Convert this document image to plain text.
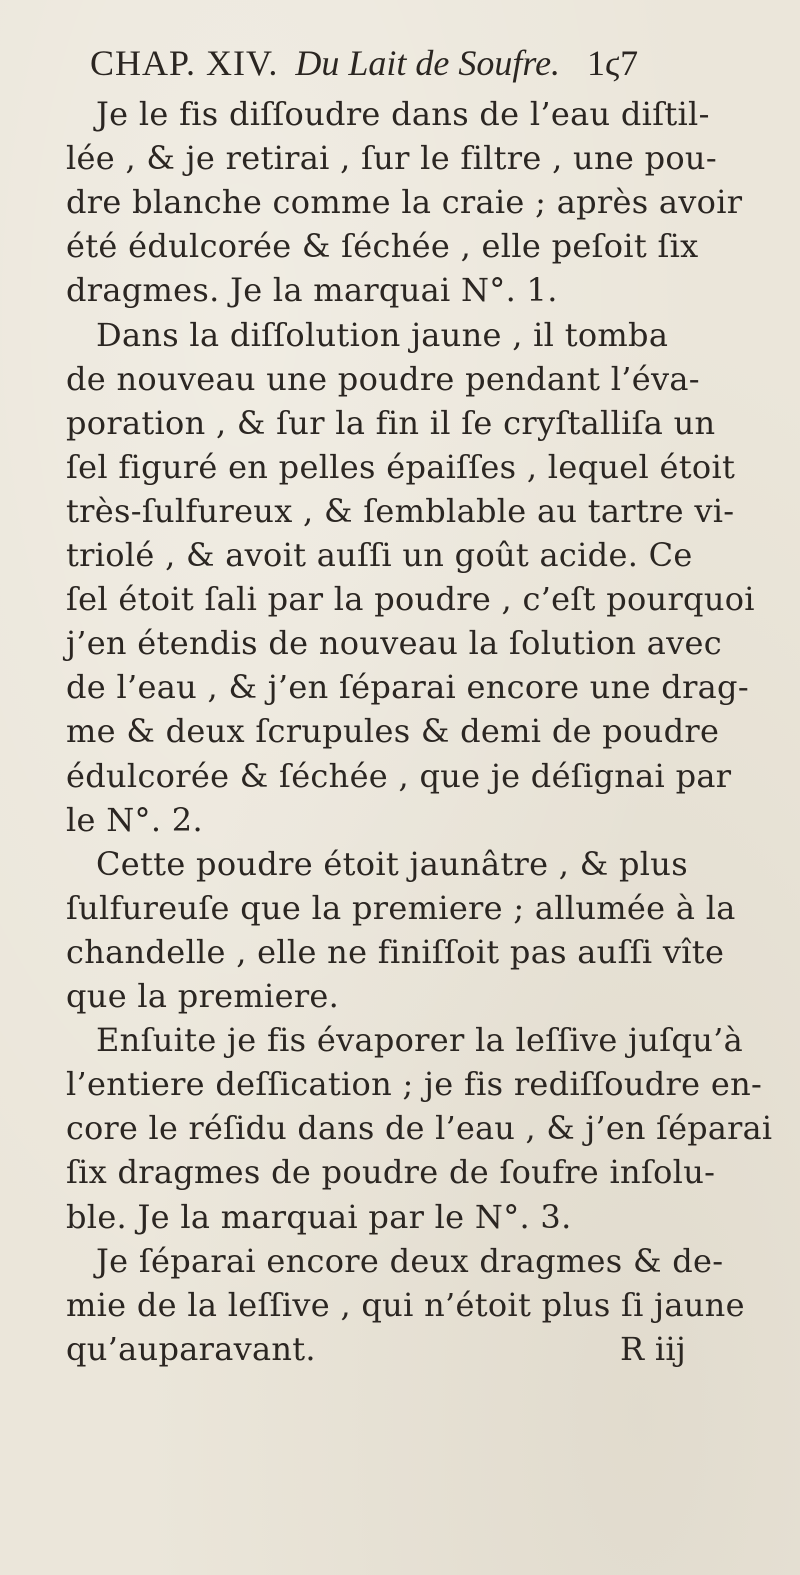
CHAP. XIV. Du Lait de Soufre. 1ϛ7
Je le fis diſſoudre dans de l’eau diſtil-
lée , & je retirai , ſur le filtre , une pou-
dre blanche comme la craie ; après avoir
été édulcorée & ſéchée , elle peſoit ſix
dragmes. Je la marquai N°. 1.
Dans la diſſolution jaune , il tomba
de nouveau une poudre pendant l’éva-
poration , & ſur la fin il ſe cryſtalliſa un
ſel figuré en pelles épaiſſes , lequel étoit
très-ſulfureux , & ſemblable au tartre vi-
triolé , & avoit auſſi un goût acide. Ce
ſel étoit ſali par la poudre , c’eſt pourquoi
j’en étendis de nouveau la ſolution avec
de l’eau , & j’en ſéparai encore une drag-
me & deux ſcrupules & demi de poudre
édulcorée & ſéchée , que je déſignai par
le N°. 2.
Cette poudre étoit jaunâtre , & plus
ſulfureuſe que la premiere ; allumée à la
chandelle , elle ne finiſſoit pas auſſi vîte
que la premiere.
Enſuite je fis évaporer la leſſive juſqu’à
l’entiere deſſication ; je fis rediſſoudre en-
core le réſidu dans de l’eau , & j’en ſéparai
ſix dragmes de poudre de ſoufre inſolu-
ble. Je la marquai par le N°. 3.
Je ſéparai encore deux dragmes & de-
mie de la leſſive , qui n’étoit plus ſi jaune
qu’auparavant.	R iij
